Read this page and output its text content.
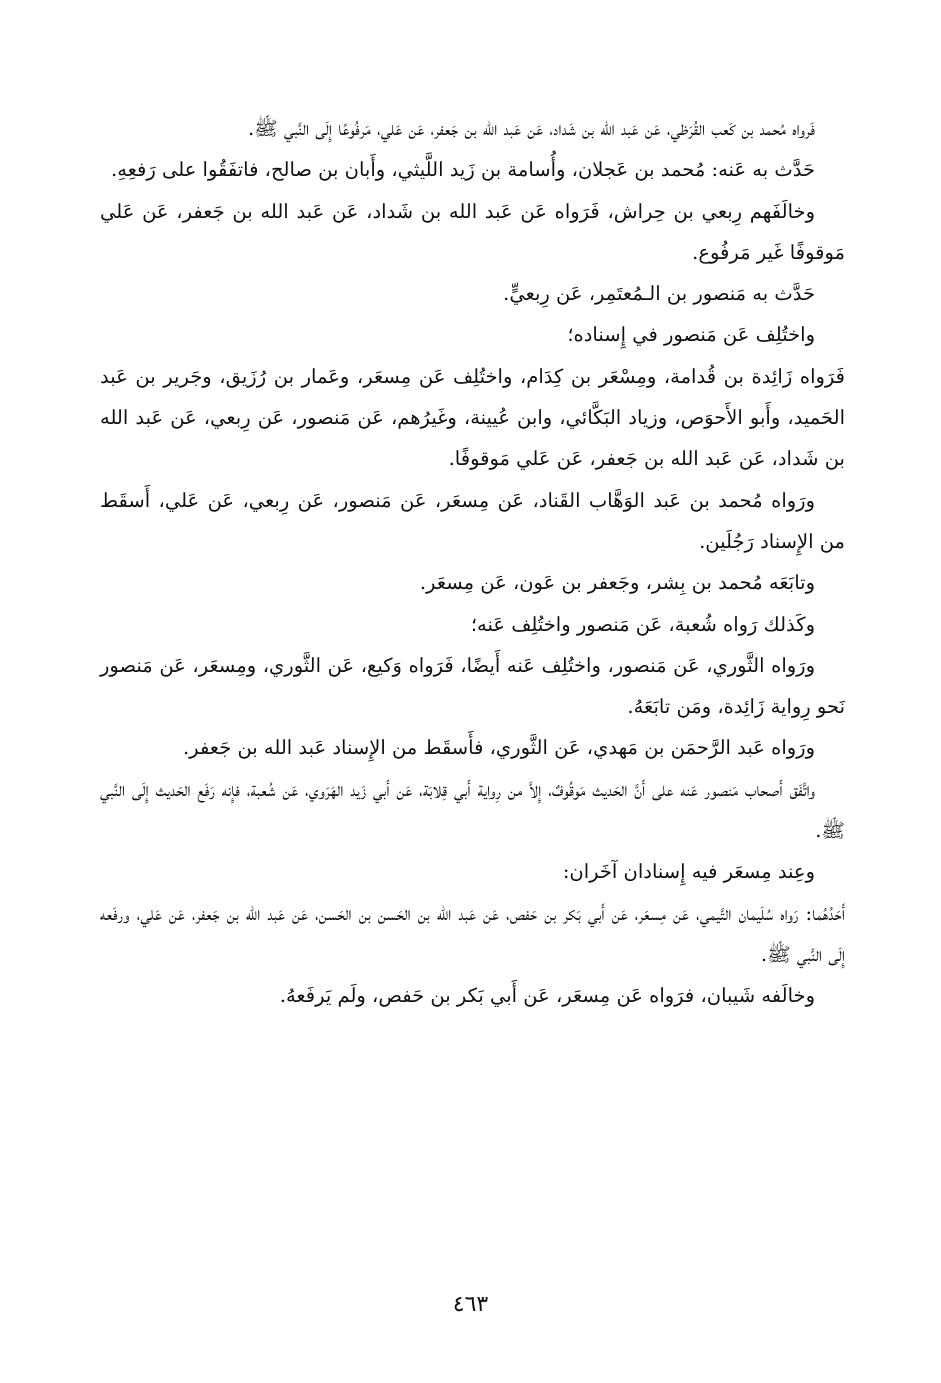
فَرواه مُحمد بن كَعب القُرَظي، عَن عَبد الله بن شَداد، عَن عَبد الله بن جَعفر، عَن عَلي، مَرفُوعًا إِلَى النَّبي ﷺ.

حَدَّث به عَنه: مُحمد بن عَجلان، وأُسامة بن زَيد اللَّيثي، وأَبان بن صالح، فاتفَقُوا على رَفعِهِ.

وخالَفَهم رِبعي بن حِراش، فَرَواه عَن عَبد الله بن شَداد، عَن عَبد الله بن جَعفر، عَن عَلي مَوقوفًا غَير مَرفُوع.

حَدَّث به مَنصور بن الـمُعتَمِر، عَن رِبعيٍّ.

واختُلِف عَن مَنصور في إِسناده؛

فَرَواه زَائِدة بن قُدامة، ومِسْعَر بن كِدَام، واختُلِف عَن مِسعَر، وعَمار بن رُزَيق، وجَرير بن عَبد الحَميد، وأَبو الأَحوَص، وزياد البَكَّائي، وابن عُيينة، وغَيرُهم، عَن مَنصور، عَن رِبعي، عَن عَبد الله بن شَداد، عَن عَبد الله بن جَعفر، عَن عَلي مَوقوفًا.

ورَواه مُحمد بن عَبد الوَهَّاب القَناد، عَن مِسعَر، عَن مَنصور، عَن رِبعي، عَن عَلي، أَسقَط من الإِسناد رَجُلَين.

وتابَعَه مُحمد بن بِشر، وجَعفر بن عَون، عَن مِسعَر.

وكَذلك رَواه شُعبة، عَن مَنصور واختُلِف عَنه؛

ورَواه الثَّوري، عَن مَنصور، واختُلِف عَنه أَيضًا، فَرَواه وَكيع، عَن الثَّوري، ومِسعَر، عَن مَنصور نَحو رِواية زَائِدة، ومَن تابَعَهُ.

ورَواه عَبد الرَّحمَن بن مَهدي، عَن الثَّوري، فأَسقَط من الإِسناد عَبد الله بن جَعفر.

واتَّفَق أَصحاب مَنصور عَنه على أَنَّ الحَديث مَوقُوفٌ، إِلاَّ من رِواية أَبي قِلابَة، عَن أَبي زَيد الهَرَوي، عَن شُعبة، فإِنه رَفَع الحَديث إِلَى النَّبي ﷺ.

وعِند مِسعَر فيه إِسنادان آخَران:

أَحَدُهُما: رَواه سُلَيمان التَّيمي، عَن مِسعَر، عَن أَبي بَكر بن حَفص، عَن عَبد الله بن الحَسن بن الحَسن، عَن عَبد الله بن جَعفر، عَن عَلي، ورفَعه إِلَى النَّبي ﷺ.

وخالَفه شَيبان، فرَواه عَن مِسعَر، عَن أَبي بَكر بن حَفص، ولَم يَرفَعهُ.

٤٦٣
